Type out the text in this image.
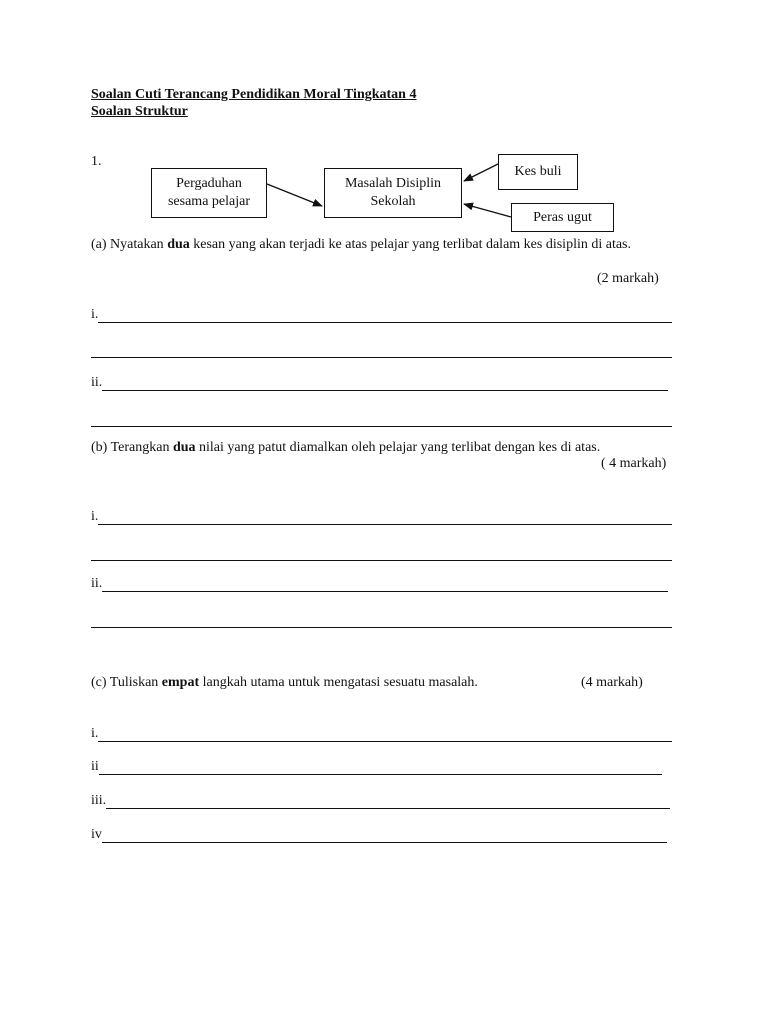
Soalan Cuti Terancang Pendidikan Moral Tingkatan 4
Soalan Struktur
1.
Pergaduhan
sesama pelajar
Masalah Disiplin
Sekolah
Kes buli
Peras ugut
(a) Nyatakan dua kesan yang akan terjadi ke atas pelajar yang terlibat dalam kes disiplin di atas.
(2 markah)
i.
ii.
(b) Terangkan dua nilai yang patut diamalkan oleh pelajar yang terlibat dengan kes di atas.
( 4 markah)
i.
ii.
(c) Tuliskan empat langkah utama untuk mengatasi sesuatu masalah.	(4 markah)
i.
ii
iii.
iv
